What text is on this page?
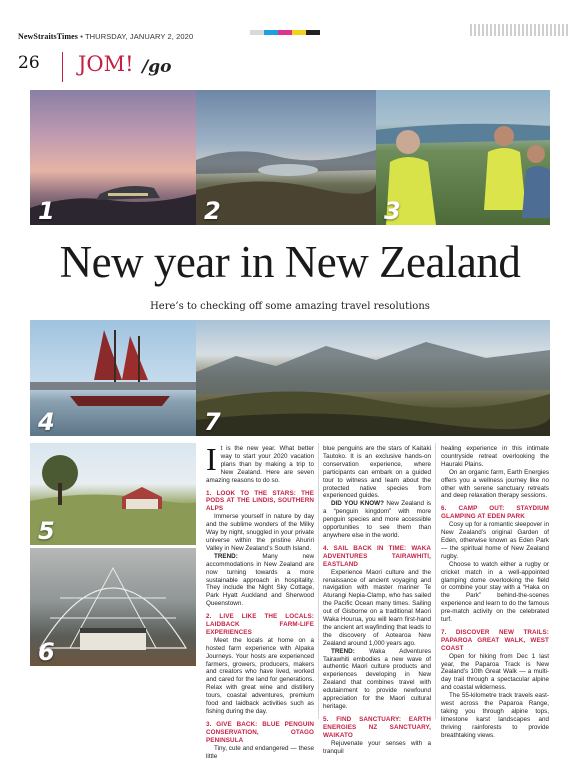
NewStraitsTimes • THURSDAY, JANUARY 2, 2020
26 JOM! /go
1	2	3
New year in New Zealand
Here’s to checking off some amazing travel resolutions
4	7
5
6

It is the new year. What better way to start your 2020 vacation plans than by making a trip to New Zealand. Here are seven amazing reasons to do so.

1. LOOK TO THE STARS: THE PODS AT THE LINDIS, SOUTHERN ALPS

Immerse yourself in nature by day and the sublime wonders of the Milky Way by night, snuggled in your private universe within the pristine Ahuriri Valley in New Zealand’s South Island.

TREND: Many new accommodations in New Zealand are now turning towards a more sustainable approach in hospitality. They include the Night Sky Cottage, Park Hyatt Auckland and Sherwood Queenstown.

2. LIVE LIKE THE LOCALS: LAIDBACK FARM-LIFE EXPERIENCES

Meet the locals at home on a hosted farm experience with Alpaka Journeys. Your hosts are experienced farmers, growers, producers, makers and creators who have lived, worked and cared for the land for generations. Relax with great wine and distillery tours, coastal adventures, premium food and laidback activities such as fishing during the day.

3. GIVE BACK: BLUE PENGUIN CONSERVATION, OTAGO PENINSULA

Tiny, cute and endangered — these little

blue penguins are the stars of Kaitaki Tautoko. It is an exclusive hands-on conservation experience, where participants can embark on a guided tour to witness and learn about the protected native species from experienced guides.

DID YOU KNOW? New Zealand is a “penguin kingdom” with more penguin species and more accessible opportunities to see them than anywhere else in the world.

4. SAIL BACK IN TIME: WAKA ADVENTURES TAIRAWHITI, EASTLAND

Experience Maori culture and the renaissance of ancient voyaging and navigation with master mariner Te Aturangi Nepia-Clamp, who has sailed the Pacific Ocean many times. Sailing out of Gisborne on a traditional Maori Waka Hourua, you will learn first-hand the ancient art wayfinding that leads to the discovery of Aotearoa New Zealand around 1,000 years ago.

TREND: Waka Adventures Tairawhiti embodies a new wave of authentic Maori culture products and experiences developing in New Zealand that combines travel with edutainment to provide newfound appreciation for the Maori cultural heritage.

5. FIND SANCTUARY: EARTH ENERGIES NZ SANCTUARY, WAIKATO

Rejuvenate your senses with a tranquil

healing experience in this intimate countryside retreat overlooking the Hauraki Plains.

On an organic farm, Earth Energies offers you a wellness journey like no other with serene sanctuary retreats and deep relaxation therapy sessions.

6. CAMP OUT: STAYDIUM GLAMPING AT EDEN PARK

Cosy up for a romantic sleepover in New Zealand’s original Garden of Eden, otherwise known as Eden Park — the spiritual home of New Zealand rugby.

Choose to watch either a rugby or cricket match in a well-appointed glamping dome overlooking the field or combine your stay with a “Haka on the Park” behind-the-scenes experience and learn to do the famous pre-match activity on the celebrated turf.

7. DISCOVER NEW TRAILS: PAPAROA GREAT WALK, WEST COAST

Open for hiking from Dec 1 last year, the Paparoa Track is New Zealand’s 10th Great Walk — a multi-day trail through a spectacular alpine and coastal wilderness.

The 55-kilometre track travels east-west across the Paparoa Range, taking you through alpine tops, limestone karst landscapes and thriving rainforests to provide breathtaking views.
